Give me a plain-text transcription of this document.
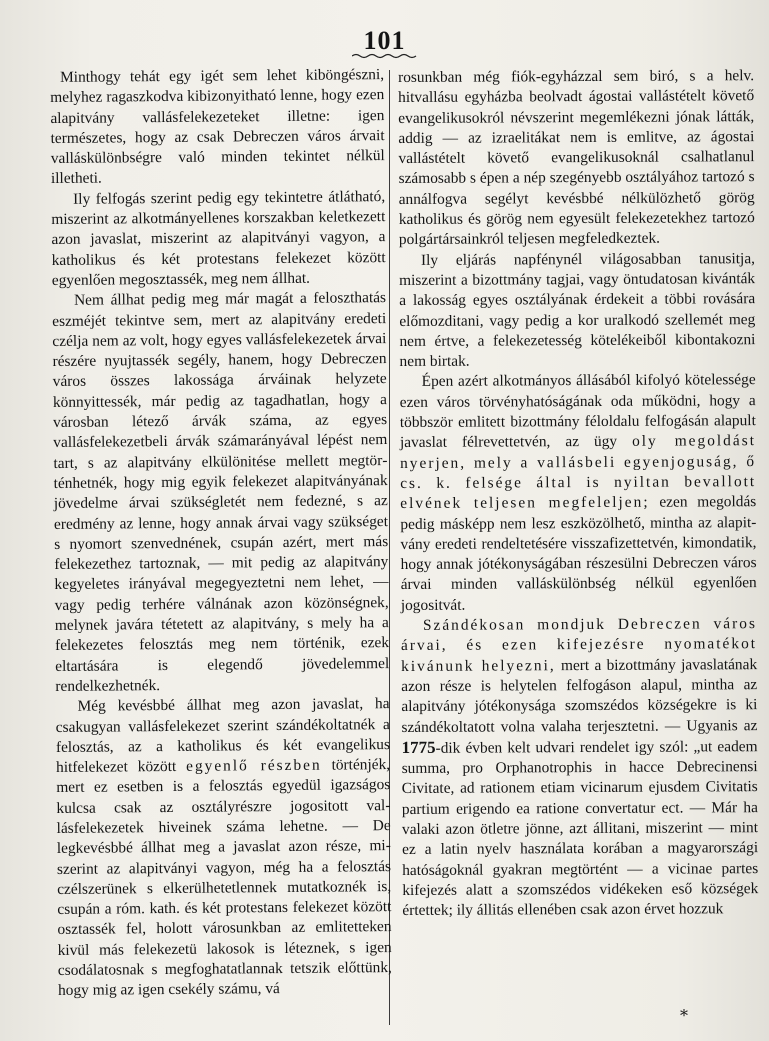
101

Minthogy tehát egy igét sem lehet kiböngészni, melyhez ragaszkodva kibizonyitható lenne, hogy ezen alapitvány vallásfelekezeteket illetne: igen természetes, hogy az csak Debreczen város árvait valláskülönbségre való minden tekintet nélkül illetheti.

Ily felfogás szerint pedig egy tekintetre átlátható, miszerint az alkotmányellenes korszakban keletkezett azon javaslat, miszerint az alapitványi vagyon, a katholikus és két protestans felekezet között egyenlően megosztassék, meg nem állhat.

Nem állhat pedig meg már magát a feloszthatás eszméjét tekintve sem, mert az alapitvány eredeti czélja nem az volt, hogy egyes vallásfelekezetek árvai részére nyujtassék segély, hanem, hogy Debreczen város összes lakossága árváinak helyzete könnyittessék, már pedig az tagadhatlan, hogy a városban létező árvák száma, az egyes vallásfelekezetbeli árvák számarányával lépést nem tart, s az alapitvány elkülönitése mellett megtörténhetnék, hogy mig egyik felekezet alapitványának jövedelme árvai szükségletét nem fedezné, s az eredmény az lenne, hogy annak árvai vagy szükséget s nyomort szenvednének, csupán azért, mert más felekezethez tartoznak, — mit pedig az alapitvány kegyeletes irányával megegyeztetni nem lehet, — vagy pedig terhére válnának azon közönségnek, melynek javára tétetett az alapitvány, s mely ha a felekezetes felosztás meg nem történik, ezek eltartására is elegendő jövedelemmel rendelkezhetnék.

Még kevésbbé állhat meg azon javaslat, ha csakugyan vallásfelekezet szerint szándékoltatnék a felosztás, az a katholikus és két evangelikus hitfelekezet között egyenlő részben történjék, mert ez esetben is a felosztás egyedül igazságos kulcsa csak az osztályrészre jogositott vallásfelekezetek hiveinek száma lehetne. — De legkevésbbé állhat meg a javaslat azon része, miszerint az alapitványi vagyon, még ha a felosztás czélszerünek s elkerülhetetlennek mutatkoznék is, csupán a róm. kath. és két protestans felekezet között osztassék fel, holott városunkban az emlitetteken kivül más felekezetü lakosok is léteznek, s igen csodálatosnak s megfoghatatlannak tetszik előttünk, hogy mig az igen csekély számu, vá

rosunkban még fiók-egyházzal sem biró, s a helv. hitvallásu egyházba beolvadt ágostai vallástételt követő evangelikusokról névszerint megemlékezni jónak látták, addig — az izraelitákat nem is emlitve, az ágostai vallástételt követő evangelikusoknál csalhatlanul számosabb s épen a nép szegényebb osztályához tartozó s annálfogva segélyt kevésbbé nélkülözhető görög katholikus és görög nem egyesült felekezetekhez tartozó polgártársainkról teljesen megfeledkeztek.

Ily eljárás napfénynél világosabban tanusitja, miszerint a bizottmány tagjai, vagy öntudatosan kivánták a lakosság egyes osztályának érdekeit a többi rovására előmozditani, vagy pedig a kor uralkodó szellemét meg nem értve, a felekezetesség kötelékeiből kibontakozni nem birtak.

Épen azért alkotmányos állásából kifolyó kötelessége ezen város törvényhatóságának oda működni, hogy a többször emlitett bizottmány féloldalu felfogásán alapult javaslat félrevettetvén, az ügy oly megoldást nyerjen, mely a vallásbeli egyenjoguság, ő cs. k. felsége által is nyiltan bevallott elvének teljesen megfeleljen; ezen megoldás pedig másképp nem lesz eszközölhető, mintha az alapitvány eredeti rendeltetésére visszafizettetvén, kimondatik, hogy annak jótékonyságában részesülni Debreczen város árvai minden valláskülönbség nélkül egyenlően jogositvát.

Szándékosan mondjuk Debreczen város árvai, és ezen kifejezésre nyomatékot kivánunk helyezni, mert a bizottmány javaslatának azon része is helytelen felfogáson alapul, mintha az alapitvány jótékonysága szomszédos községekre is ki szándékoltatott volna valaha terjesztetni. — Ugyanis az 1775-dik évben kelt udvari rendelet igy szól: „ut eadem summa, pro Orphanotrophis in hacce Debrecinensi Civitate, ad rationem etiam vicinarum ejusdem Civitatis partium erigendo ea ratione convertatur ect. — Már ha valaki azon ötletre jönne, azt állitani, miszerint — mint ez a latin nyelv használata korában a magyarországi hatóságoknál gyakran megtörtént — a vicinae partes kifejezés alatt a szomszédos vidékeken eső községek értettek; ily állitás ellenében csak azon érvet hozzuk

*
